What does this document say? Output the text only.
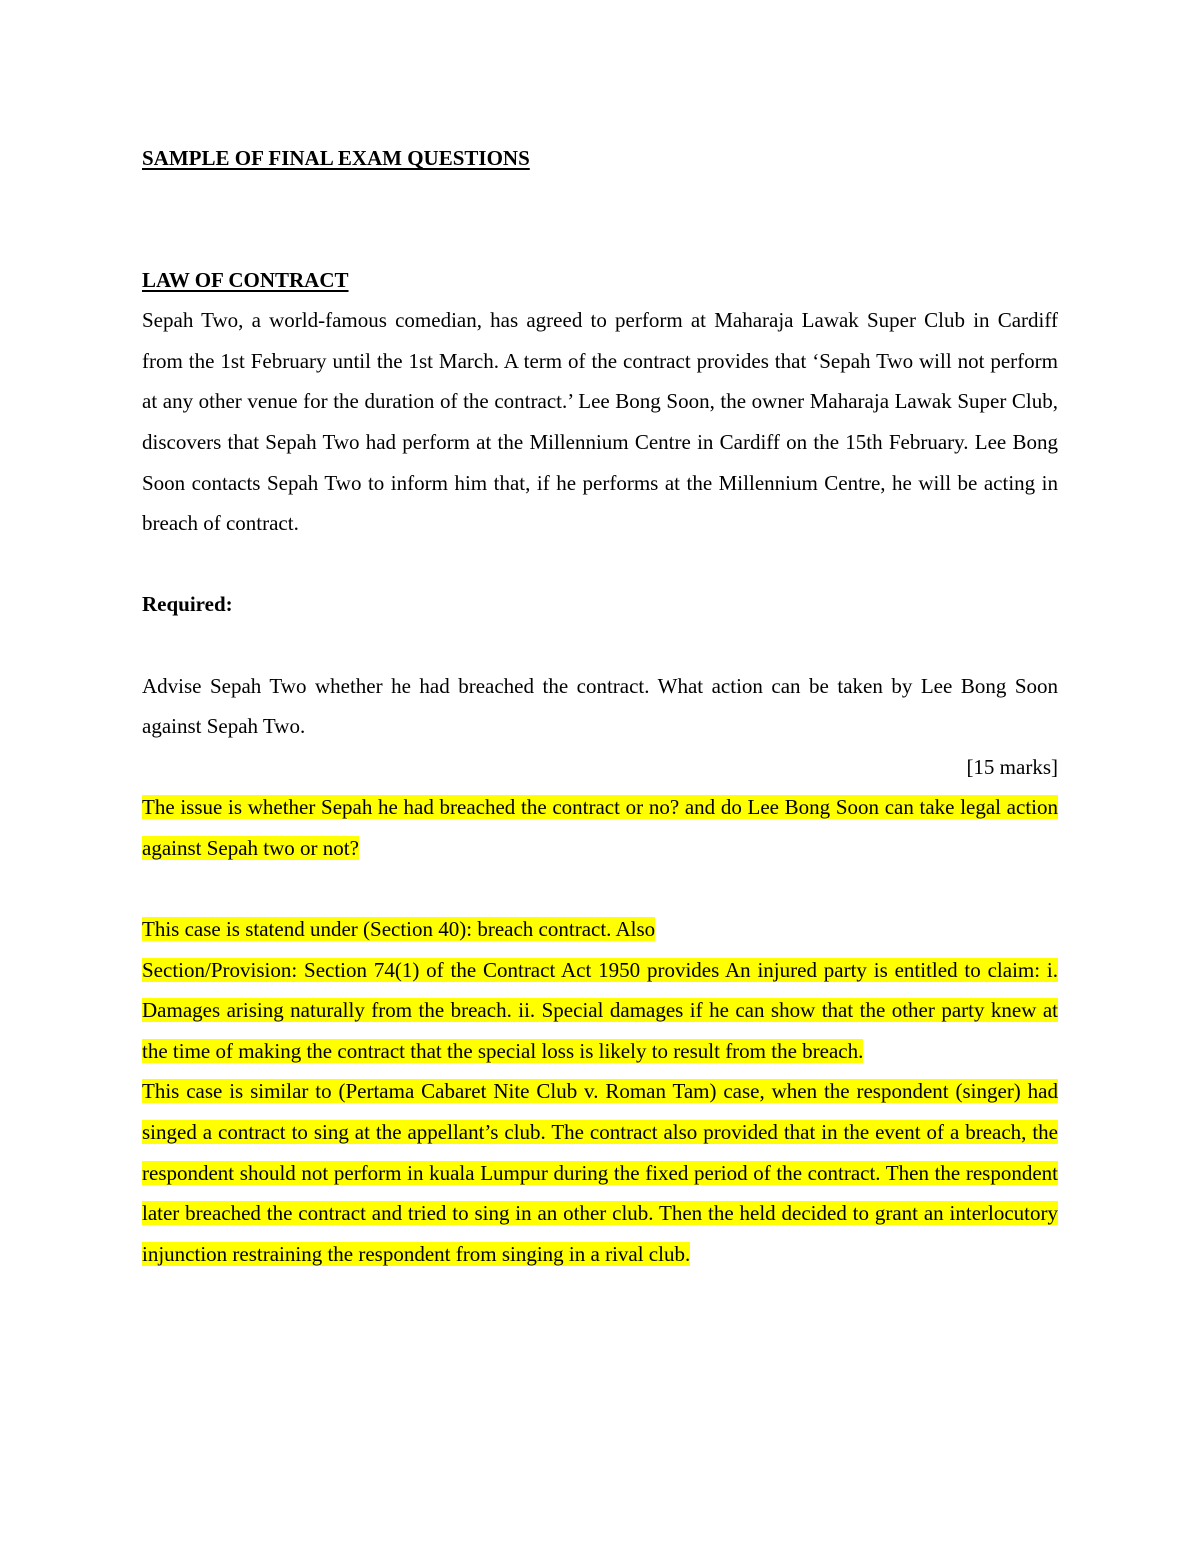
SAMPLE OF FINAL EXAM QUESTIONS
LAW OF CONTRACT

Sepah Two, a world-famous comedian, has agreed to perform at Maharaja Lawak Super Club in Cardiff from the 1st February until the 1st March. A term of the contract provides that ‘Sepah Two will not perform at any other venue for the duration of the contract.’ Lee Bong Soon, the owner Maharaja Lawak Super Club, discovers that Sepah Two had perform at the Millennium Centre in Cardiff on the 15th February. Lee Bong Soon contacts Sepah Two to inform him that, if he performs at the Millennium Centre, he will be acting in breach of contract.

Required:

Advise Sepah Two whether he had breached the contract. What action can be taken by Lee Bong Soon against Sepah Two.

[15 marks]

The issue is whether Sepah he had breached the contract or no? and do Lee Bong Soon can take legal action against Sepah two or not?

This case is statend under (Section 40): breach contract. Also

Section/Provision: Section 74(1) of the Contract Act 1950 provides An injured party is entitled to claim: i. Damages arising naturally from the breach. ii. Special damages if he can show that the other party knew at the time of making the contract that the special loss is likely to result from the breach.

This case is similar to (Pertama Cabaret Nite Club v. Roman Tam) case, when the respondent (singer) had singed a contract to sing at the appellant’s club. The contract also provided that in the event of a breach, the respondent should not perform in kuala Lumpur during the fixed period of the contract. Then the respondent later breached the contract and tried to sing in an other club. Then the held decided to grant an interlocutory injunction restraining the respondent from singing in a rival club.
